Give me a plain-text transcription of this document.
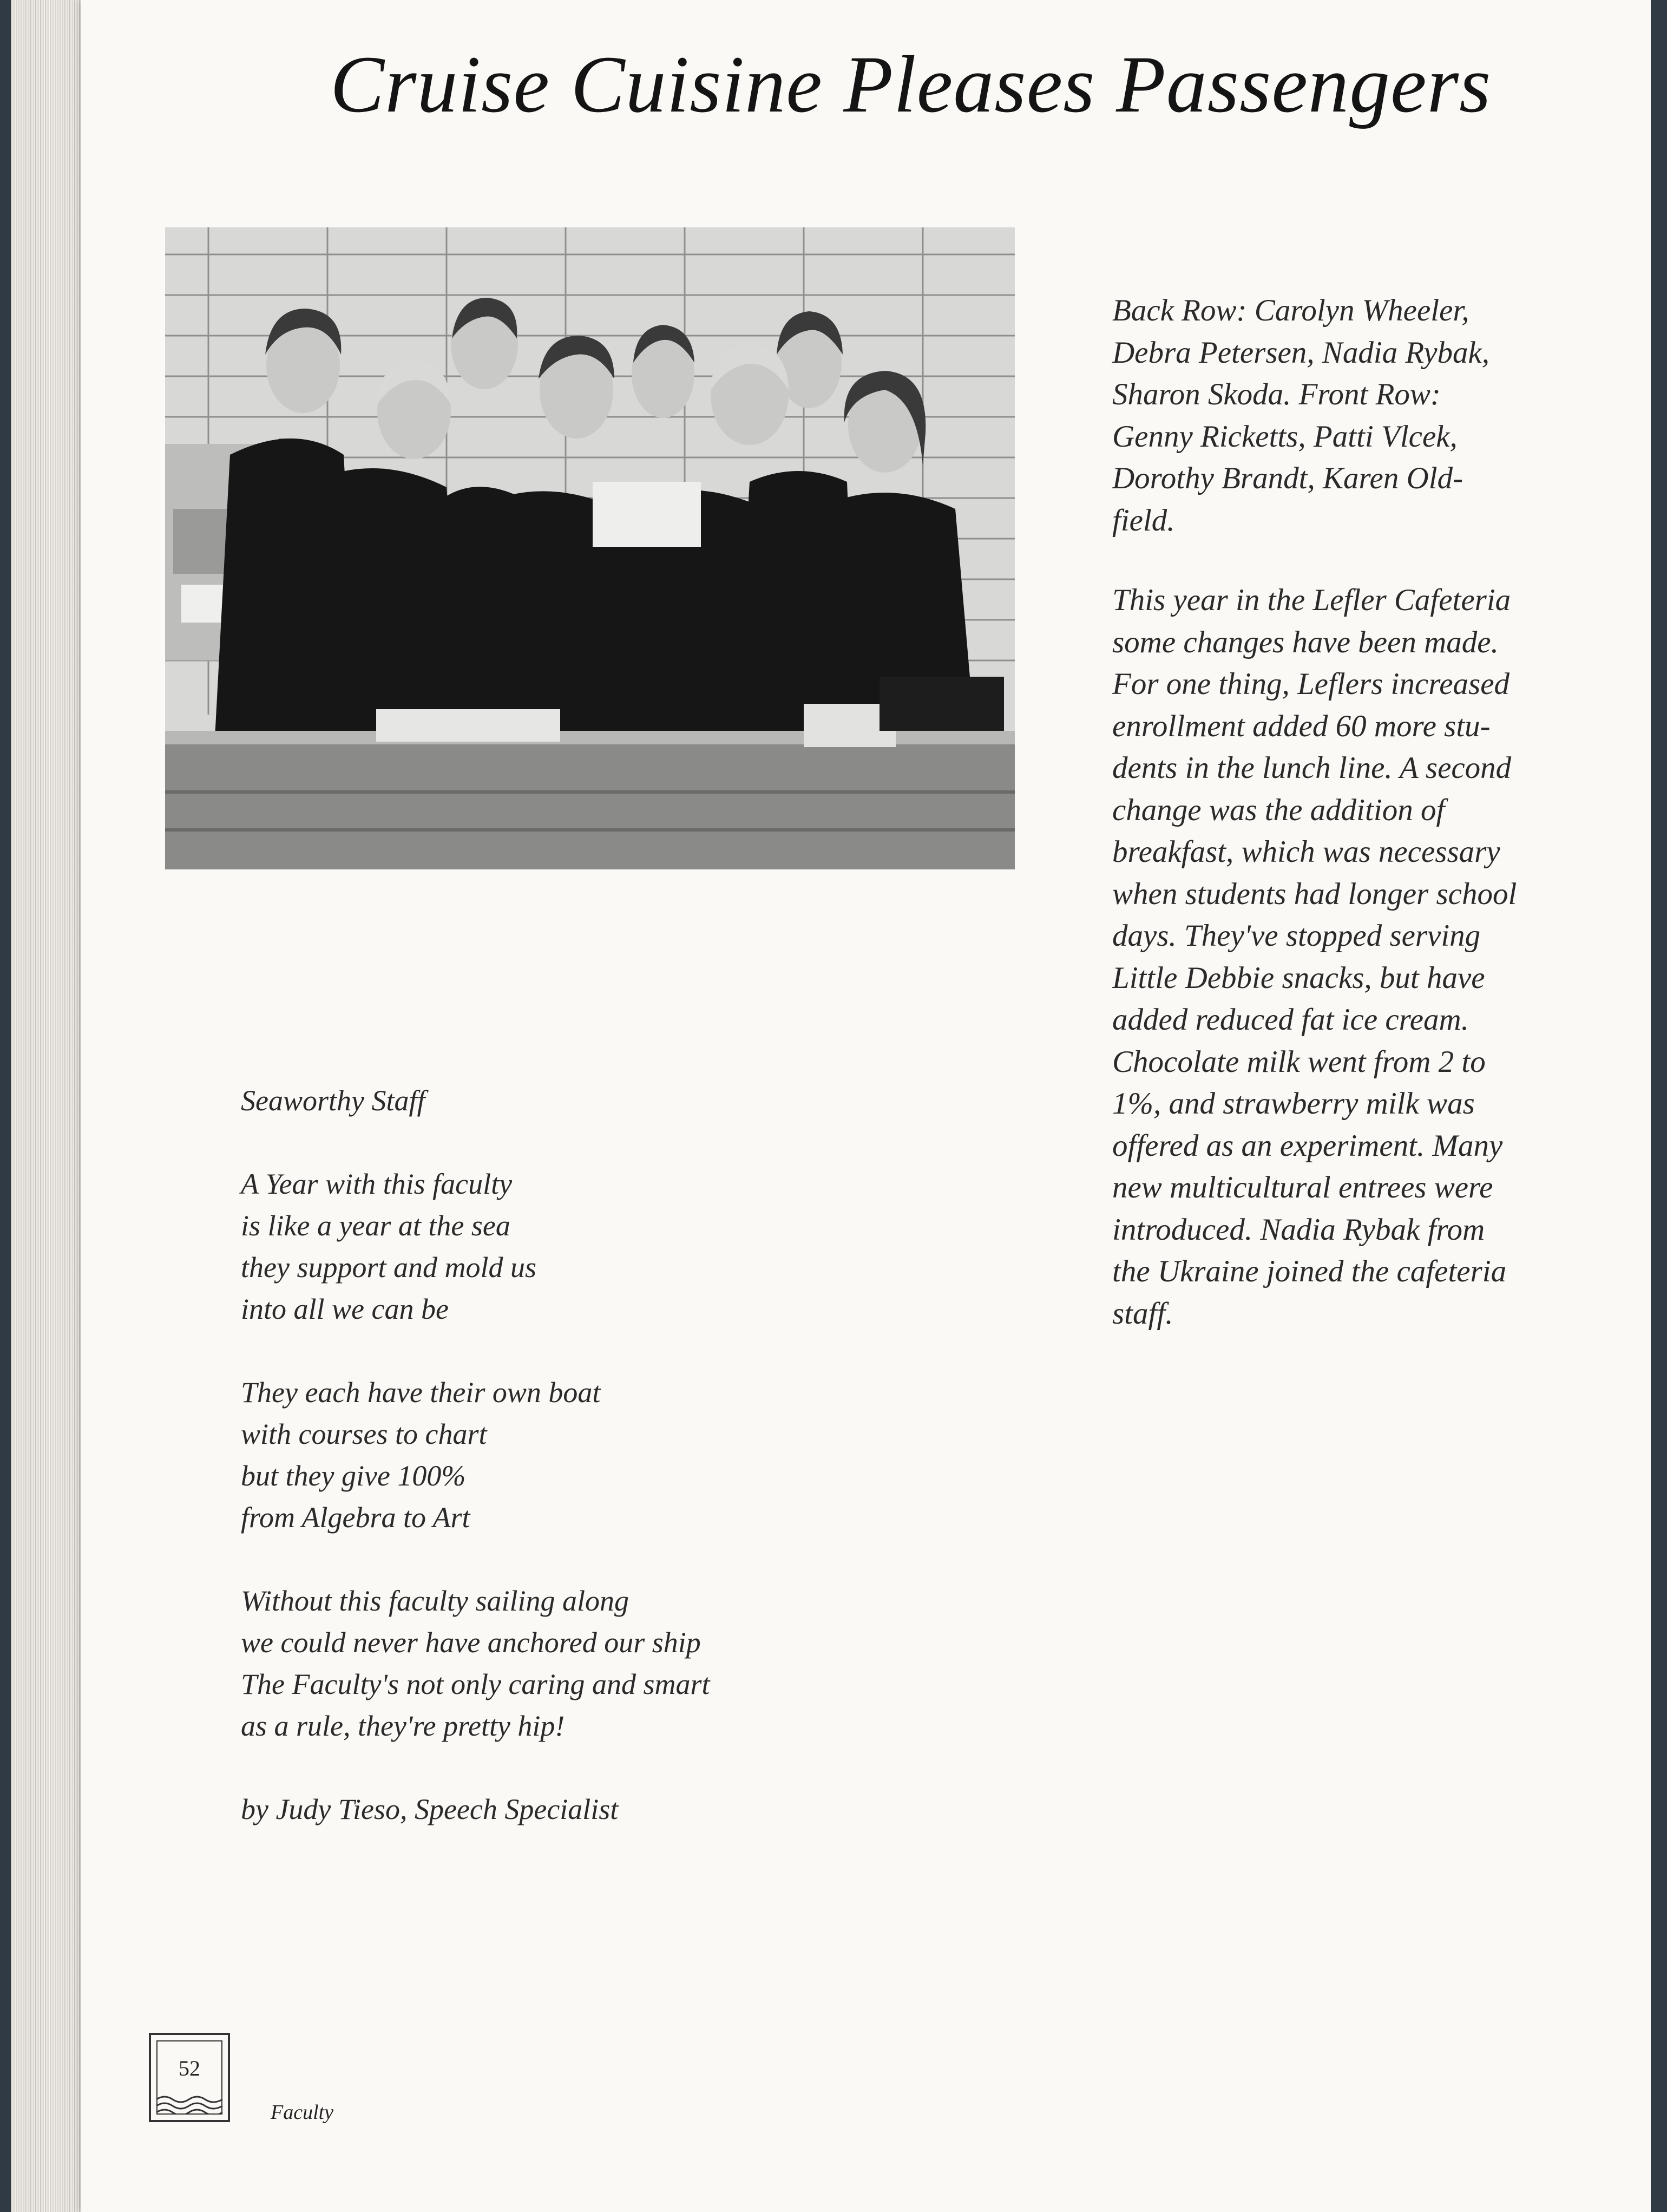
Cruise Cuisine Pleases Passengers

Back Row: Carolyn Wheeler,

Debra Petersen, Nadia Rybak,

Sharon Skoda. Front Row:

Genny Ricketts, Patti Vlcek,

Dorothy Brandt, Karen Old-

field.

This year in the Lefler Cafeteria

some changes have been made.

For one thing, Leflers increased

enrollment added 60 more stu-

dents in the lunch line. A second

change was the addition of

breakfast, which was necessary

when students had longer school

days. They've stopped serving

Little Debbie snacks, but have

added reduced fat ice cream.

Chocolate milk went from 2 to

1%, and strawberry milk was

offered as an experiment. Many

new multicultural entrees were

introduced. Nadia Rybak from

the Ukraine joined the cafeteria

staff.

Seaworthy Staff

A Year with this faculty

is like a year at the sea

they support and mold us

into all we can be

They each have their own boat

with courses to chart

but they give 100%

from Algebra to Art

Without this faculty sailing along

we could never have anchored our ship

The Faculty's not only caring and smart

as a rule, they're pretty hip!

by Judy Tieso, Speech Specialist

52
Faculty
